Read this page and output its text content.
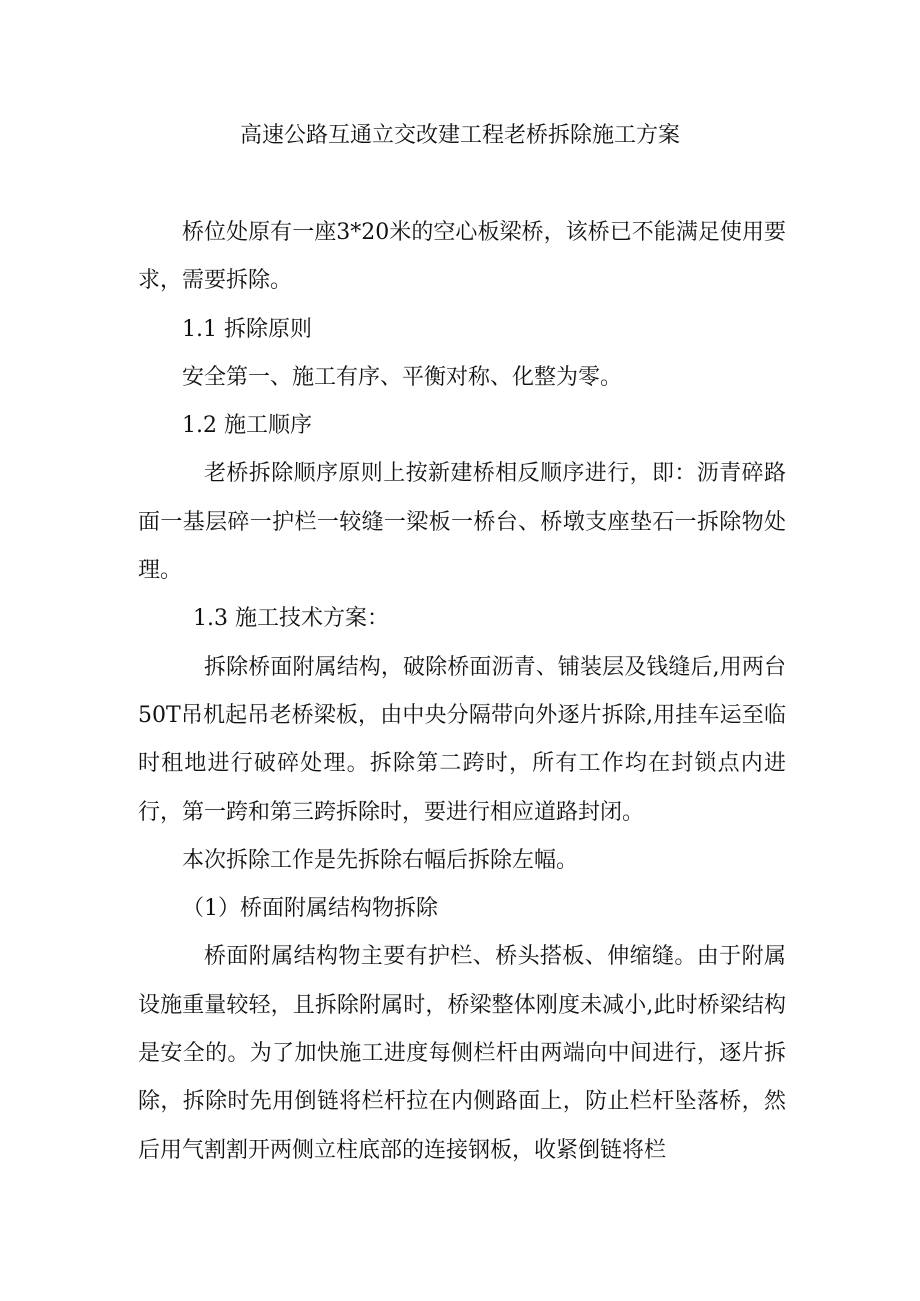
高速公路互通立交改建工程老桥拆除施工方案

桥位处原有一座3*20米的空心板梁桥，该桥已不能满足使用要求，需要拆除。

1.1 拆除原则

安全第一、施工有序、平衡对称、化整为零。

1.2 施工顺序

老桥拆除顺序原则上按新建桥相反顺序进行，即：沥青碎路面一基层碎一护栏一较缝一梁板一桥台、桥墩支座垫石一拆除物处理。

1.3 施工技术方案：

拆除桥面附属结构，破除桥面沥青、铺装层及钱缝后,用两台50T吊机起吊老桥梁板，由中央分隔带向外逐片拆除,用挂车运至临时租地进行破碎处理。拆除第二跨时，所有工作均在封锁点内进行，第一跨和第三跨拆除时，要进行相应道路封闭。

本次拆除工作是先拆除右幅后拆除左幅。

（1）桥面附属结构物拆除

桥面附属结构物主要有护栏、桥头搭板、伸缩缝。由于附属设施重量较轻，且拆除附属时，桥梁整体刚度未减小,此时桥梁结构是安全的。为了加快施工进度每侧栏杆由两端向中间进行，逐片拆除，拆除时先用倒链将栏杆拉在内侧路面上，防止栏杆坠落桥，然后用气割割开两侧立柱底部的连接钢板，收紧倒链将栏
